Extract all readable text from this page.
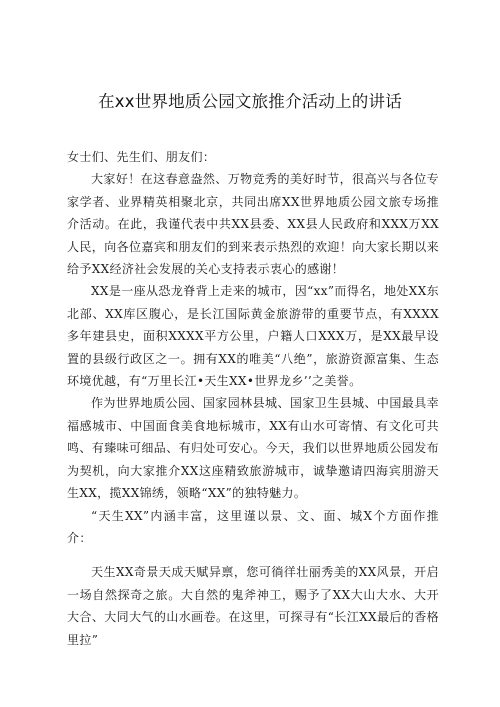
在xx世界地质公园文旅推介活动上的讲话

女士们、先生们、朋友们：

大家好！在这春意盎然、万物竞秀的美好时节，很高兴与各位专家学者、业界精英相聚北京，共同出席XX世界地质公园文旅专场推介活动。在此，我谨代表中共XX县委、XX县人民政府和XXX万XX人民，向各位嘉宾和朋友们的到来表示热烈的欢迎！向大家长期以来给予XX经济社会发展的关心支持表示衷心的感谢！

XX是一座从恐龙脊背上走来的城市，因“xx”而得名，地处XX东北部、XX库区腹心，是长江国际黄金旅游带的重要节点，有XXXX多年建县史，面积XXXX平方公里，户籍人口XXX万，是XX最早设置的县级行政区之一。拥有XX的唯美“八绝”，旅游资源富集、生态环境优越，有“万里长江•天生XX•世界龙乡’’之美誉。

作为世界地质公园、国家园林县城、国家卫生县城、中国最具幸福感城市、中国面食美食地标城市，XX有山水可寄情、有文化可共鸣、有臻味可细品、有归处可安心。今天，我们以世界地质公园发布为契机，向大家推介XX这座精致旅游城市，诚挚邀请四海宾朋游天生XX，揽XX锦绣，领略“XX”的独特魅力。

“天生XX”内涵丰富，这里谨以景、文、面、城X个方面作推介：

天生XX奇景天成天赋异禀，您可徜徉壮丽秀美的XX风景，开启一场自然探奇之旅。大自然的鬼斧神工，赐予了XX大山大水、大开大合、大同大气的山水画卷。在这里，可探寻有“长江XX最后的香格里拉”
